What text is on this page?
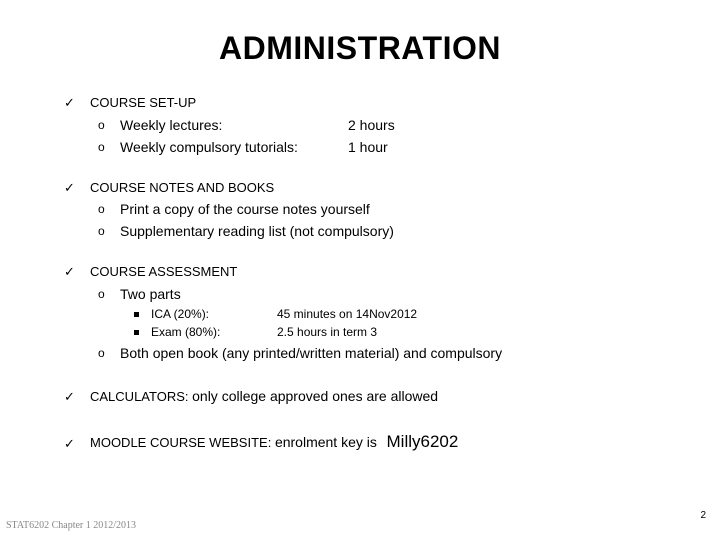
ADMINISTRATION
✓ COURSE SET-UP
o Weekly lectures:	2 hours
o Weekly compulsory tutorials:	1 hour
✓ COURSE NOTES AND BOOKS
o Print a copy of the course notes yourself
o Supplementary reading list (not compulsory)
✓ COURSE ASSESSMENT
o Two parts
ICA (20%):	45 minutes on 14Nov2012
Exam (80%):	2.5 hours in term 3
o Both open book (any printed/written material) and compulsory
✓ CALCULATORS: only college approved ones are allowed
✓ MOODLE COURSE WEBSITE: enrolment key is Milly6202
STAT6202 Chapter 1 2012/2013
2
